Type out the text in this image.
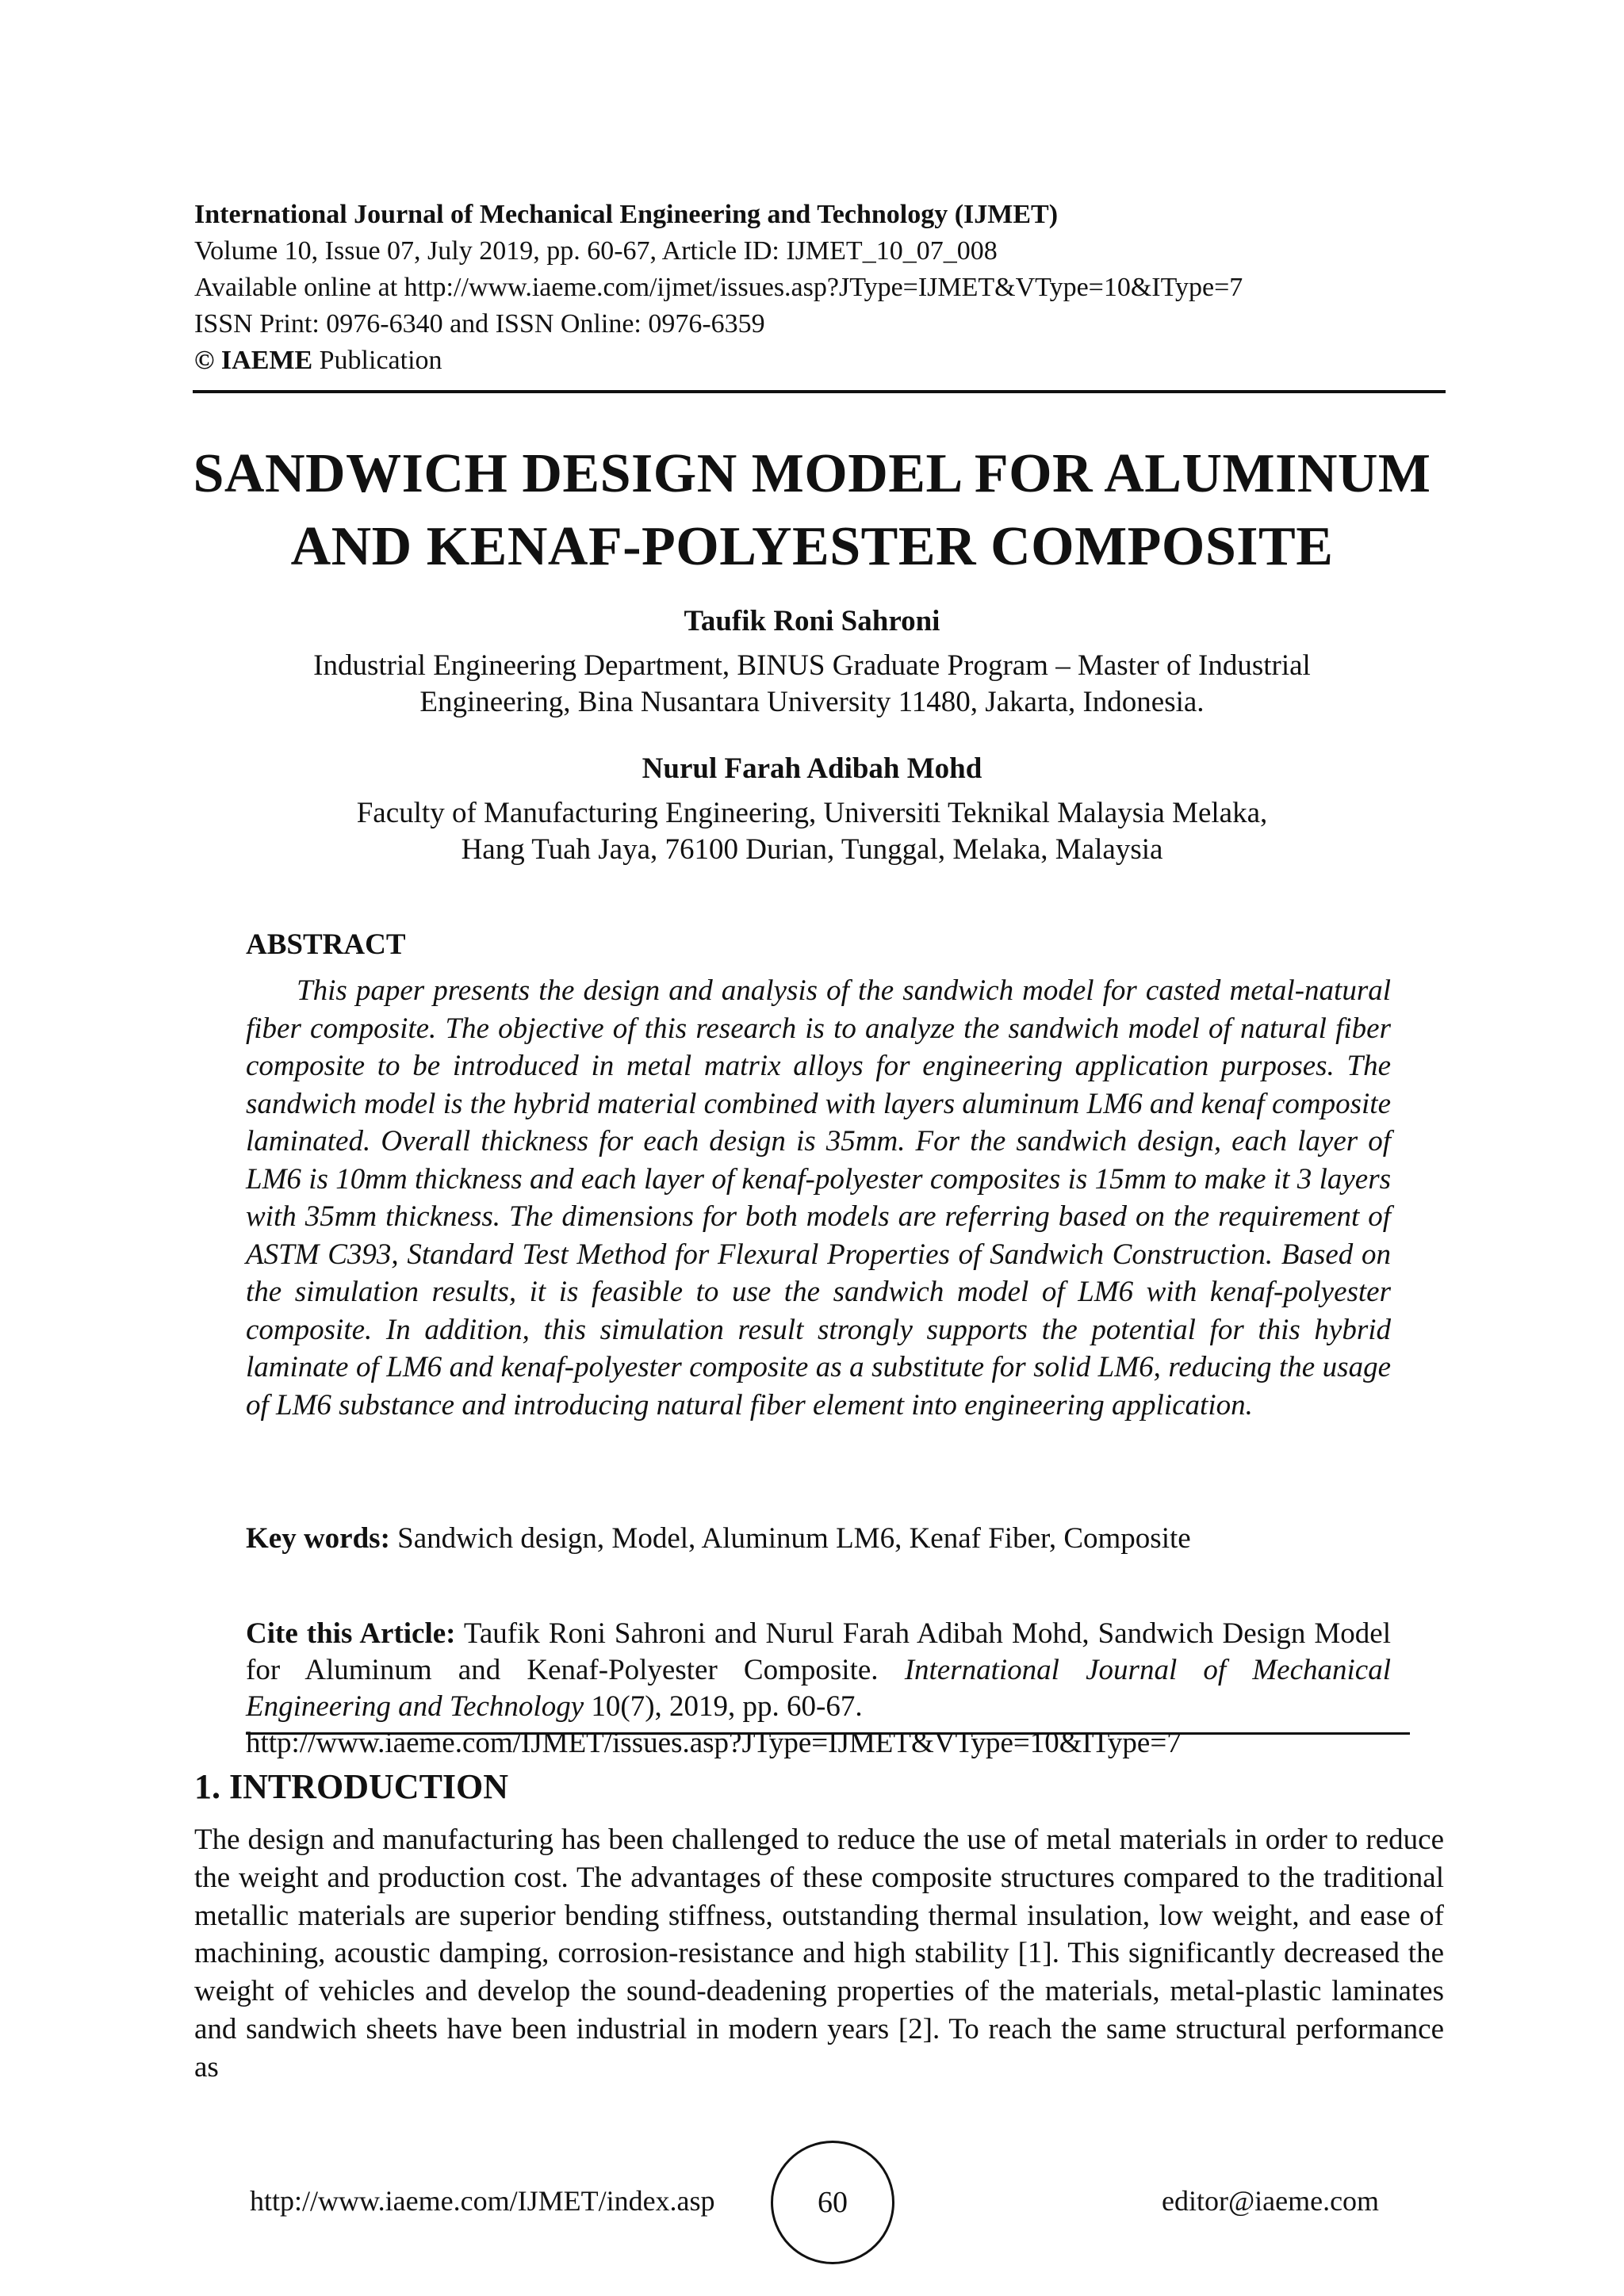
International Journal of Mechanical Engineering and Technology (IJMET)
Volume 10, Issue 07, July 2019, pp. 60-67, Article ID: IJMET_10_07_008
Available online at http://www.iaeme.com/ijmet/issues.asp?JType=IJMET&VType=10&IType=7
ISSN Print: 0976-6340 and ISSN Online: 0976-6359
© IAEME Publication
SANDWICH DESIGN MODEL FOR ALUMINUM
AND KENAF-POLYESTER COMPOSITE
Taufik Roni Sahroni
Industrial Engineering Department, BINUS Graduate Program – Master of Industrial
Engineering, Bina Nusantara University 11480, Jakarta, Indonesia.
Nurul Farah Adibah Mohd
Faculty of Manufacturing Engineering, Universiti Teknikal Malaysia Melaka,
Hang Tuah Jaya, 76100 Durian, Tunggal, Melaka, Malaysia
ABSTRACT
This paper presents the design and analysis of the sandwich model for casted metal-natural fiber composite. The objective of this research is to analyze the sandwich model of natural fiber composite to be introduced in metal matrix alloys for engineering application purposes. The sandwich model is the hybrid material combined with layers aluminum LM6 and kenaf composite laminated. Overall thickness for each design is 35mm. For the sandwich design, each layer of LM6 is 10mm thickness and each layer of kenaf-polyester composites is 15mm to make it 3 layers with 35mm thickness. The dimensions for both models are referring based on the requirement of ASTM C393, Standard Test Method for Flexural Properties of Sandwich Construction. Based on the simulation results, it is feasible to use the sandwich model of LM6 with kenaf-polyester composite. In addition, this simulation result strongly supports the potential for this hybrid laminate of LM6 and kenaf-polyester composite as a substitute for solid LM6, reducing the usage of LM6 substance and introducing natural fiber element into engineering application.
Key words: Sandwich design, Model, Aluminum LM6, Kenaf Fiber, Composite
Cite this Article: Taufik Roni Sahroni and Nurul Farah Adibah Mohd, Sandwich Design Model for Aluminum and Kenaf-Polyester Composite. International Journal of Mechanical Engineering and Technology 10(7), 2019, pp. 60-67.
http://www.iaeme.com/IJMET/issues.asp?JType=IJMET&VType=10&IType=7
1. INTRODUCTION
The design and manufacturing has been challenged to reduce the use of metal materials in order to reduce the weight and production cost. The advantages of these composite structures compared to the traditional metallic materials are superior bending stiffness, outstanding thermal insulation, low weight, and ease of machining, acoustic damping, corrosion-resistance and high stability [1]. This significantly decreased the weight of vehicles and develop the sound-deadening properties of the materials, metal-plastic laminates and sandwich sheets have been industrial in modern years [2]. To reach the same structural performance as
http://www.iaeme.com/IJMET/index.asp	60	editor@iaeme.com
